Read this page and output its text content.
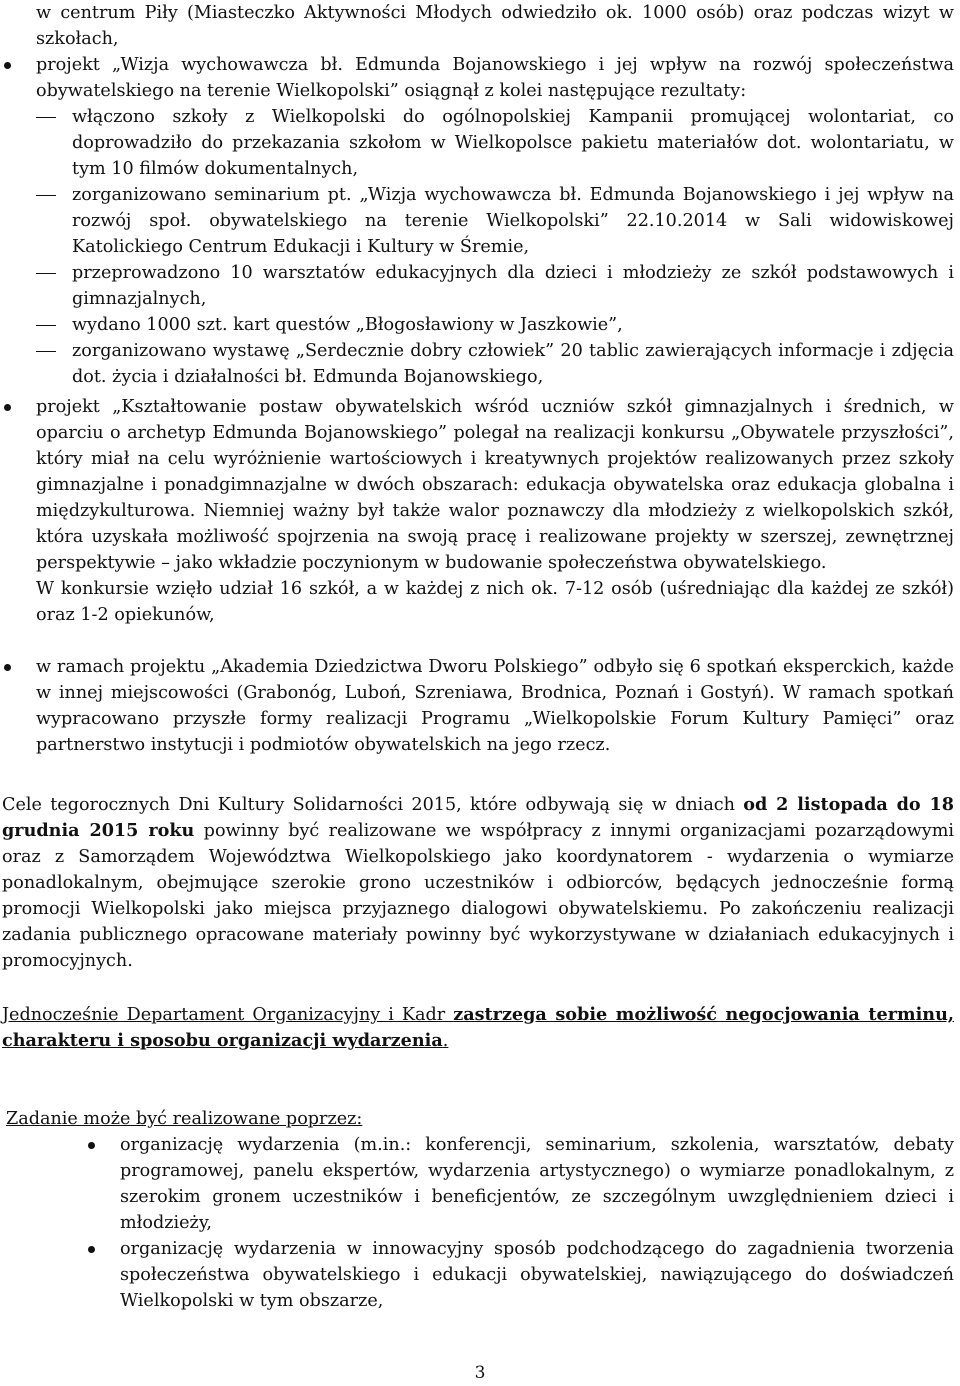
w centrum Piły (Miasteczko Aktywności Młodych odwiedziło ok. 1000 osób) oraz podczas wizyt w szkołach,

projekt „Wizja wychowawcza bł. Edmunda Bojanowskiego i jej wpływ na rozwój społeczeństwa obywatelskiego na terenie Wielkopolski” osiągnął z kolei następujące rezultaty:

włączono szkoły z Wielkopolski do ogólnopolskiej Kampanii promującej wolontariat, co doprowadziło do przekazania szkołom w Wielkopolsce pakietu materiałów dot. wolontariatu, w tym 10 filmów dokumentalnych,

zorganizowano seminarium pt. „Wizja wychowawcza bł. Edmunda Bojanowskiego i jej wpływ na rozwój społ. obywatelskiego na terenie Wielkopolski” 22.10.2014 w Sali widowiskowej Katolickiego Centrum Edukacji i Kultury w Śremie,

przeprowadzono 10 warsztatów edukacyjnych dla dzieci i młodzieży ze szkół podstawowych i gimnazjalnych,

wydano 1000 szt. kart questów „Błogosławiony w Jaszkowie”,

zorganizowano wystawę „Serdecznie dobry człowiek” 20 tablic zawierających informacje i zdjęcia dot. życia i działalności bł. Edmunda Bojanowskiego,

projekt „Kształtowanie postaw obywatelskich wśród uczniów szkół gimnazjalnych i średnich, w oparciu o archetyp Edmunda Bojanowskiego” polegał na realizacji konkursu „Obywatele przyszłości”, który miał na celu wyróżnienie wartościowych i kreatywnych projektów realizowanych przez szkoły gimnazjalne i ponadgimnazjalne w dwóch obszarach: edukacja obywatelska oraz edukacja globalna i międzykulturowa. Niemniej ważny był także walor poznawczy dla młodzieży z wielkopolskich szkół, która uzyskała możliwość spojrzenia na swoją pracę i realizowane projekty w szerszej, zewnętrznej perspektywie – jako wkładzie poczynionym w budowanie społeczeństwa obywatelskiego.

W konkursie wzięło udział 16 szkół, a w każdej z nich ok. 7-12 osób (uśredniając dla każdej ze szkół) oraz 1-2 opiekunów,

w ramach projektu „Akademia Dziedzictwa Dworu Polskiego” odbyło się 6 spotkań eksperckich, każde w innej miejscowości (Grabonóg, Luboń, Szreniawa, Brodnica, Poznań i Gostyń). W ramach spotkań wypracowano przyszłe formy realizacji Programu „Wielkopolskie Forum Kultury Pamięci” oraz partnerstwo instytucji i podmiotów obywatelskich na jego rzecz.

Cele tegorocznych Dni Kultury Solidarności 2015, które odbywają się w dniach od 2 listopada do 18 grudnia 2015 roku powinny być realizowane we współpracy z innymi organizacjami pozarządowymi oraz z Samorządem Województwa Wielkopolskiego jako koordynatorem - wydarzenia o wymiarze ponadlokalnym, obejmujące szerokie grono uczestników i odbiorców, będących jednocześnie formą promocji Wielkopolski jako miejsca przyjaznego dialogowi obywatelskiemu. Po zakończeniu realizacji zadania publicznego opracowane materiały powinny być wykorzystywane w działaniach edukacyjnych i promocyjnych.

Jednocześnie Departament Organizacyjny i Kadr zastrzega sobie możliwość negocjowania terminu, charakteru i sposobu organizacji wydarzenia.

Zadanie może być realizowane poprzez:

organizację wydarzenia (m.in.: konferencji, seminarium, szkolenia, warsztatów, debaty programowej, panelu ekspertów, wydarzenia artystycznego) o wymiarze ponadlokalnym, z szerokim gronem uczestników i beneficjentów, ze szczególnym uwzględnieniem dzieci i młodzieży,

organizację wydarzenia w innowacyjny sposób podchodzącego do zagadnienia tworzenia społeczeństwa obywatelskiego i edukacji obywatelskiej, nawiązującego do doświadczeń Wielkopolski w tym obszarze,

3
